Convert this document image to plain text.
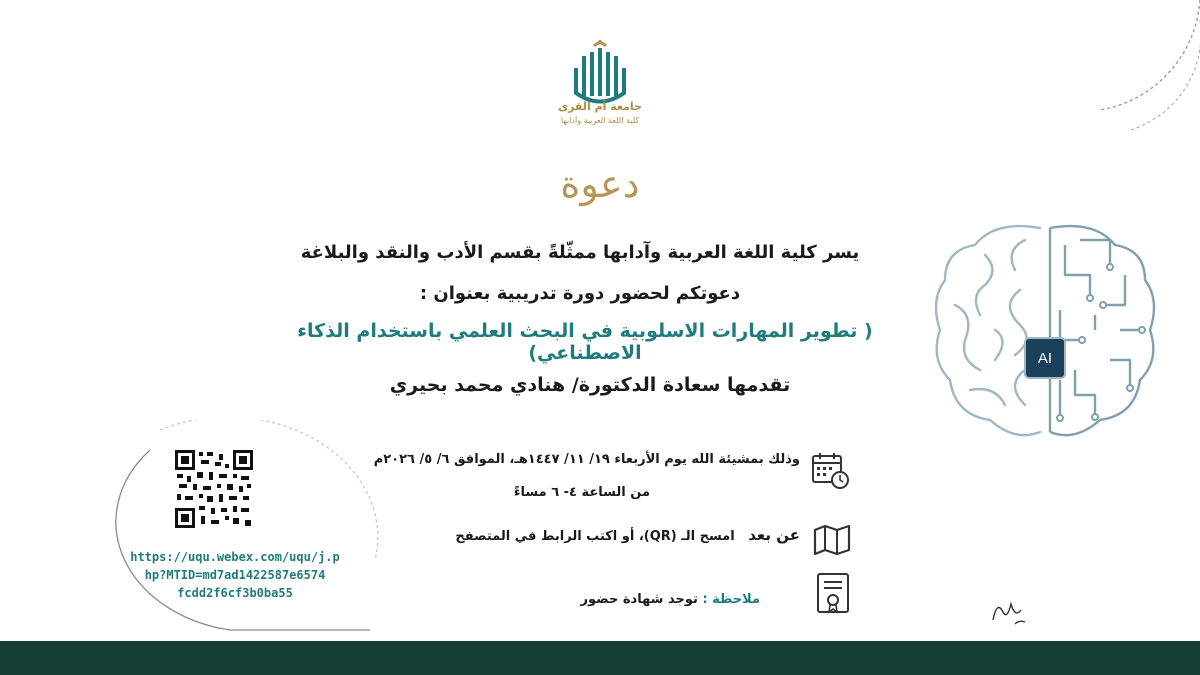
جامعة أم القرى
كلية اللغة العربية وآدابها
دعوة
يسر كلية اللغة العربية وآدابها ممثّلةً بقسم الأدب والنقد والبلاغة
دعوتكم لحضور دورة تدريبية بعنوان :
( تطوير المهارات الاسلوبية في البحث العلمي باستخدام الذكاء الاصطناعي)
تقدمها سعادة الدكتورة/ هنادي محمد بحيري
وذلك بمشيئة الله يوم الأربعاء ١٩/ ١١/ ١٤٤٧هـ، الموافق ٦/ ٥/ ٢٠٢٦م
من الساعة ٤- ٦ مساءً
عن بعد   امسح الـ (QR)، أو اكتب الرابط في المتصفح
ملاحظة : توجد شهادة حضور
https://uqu.webex.com/uqu/j.p
hp?MTID=md7ad1422587e6574
fcdd2f6cf3b0ba55
AI
